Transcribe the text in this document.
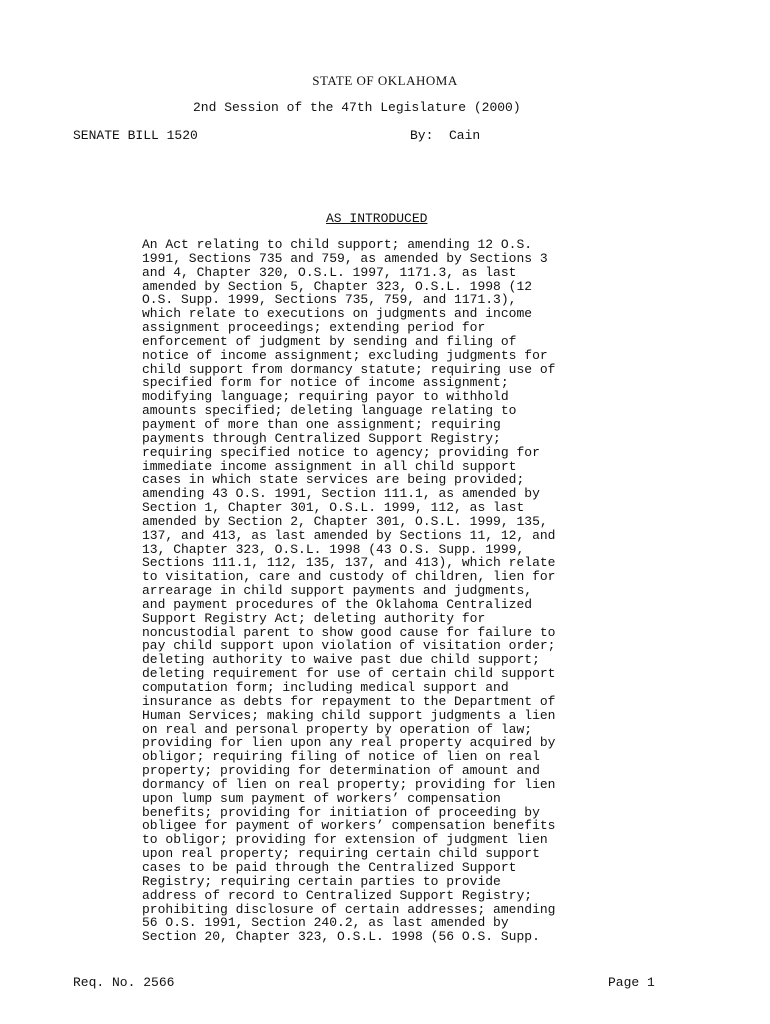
STATE OF OKLAHOMA
2nd Session of the 47th Legislature (2000)
SENATE BILL 1520	By:  Cain
AS INTRODUCED
An Act relating to child support; amending 12 O.S.
1991, Sections 735 and 759, as amended by Sections 3
and 4, Chapter 320, O.S.L. 1997, 1171.3, as last
amended by Section 5, Chapter 323, O.S.L. 1998 (12
O.S. Supp. 1999, Sections 735, 759, and 1171.3),
which relate to executions on judgments and income
assignment proceedings; extending period for
enforcement of judgment by sending and filing of
notice of income assignment; excluding judgments for
child support from dormancy statute; requiring use of
specified form for notice of income assignment;
modifying language; requiring payor to withhold
amounts specified; deleting language relating to
payment of more than one assignment; requiring
payments through Centralized Support Registry;
requiring specified notice to agency; providing for
immediate income assignment in all child support
cases in which state services are being provided;
amending 43 O.S. 1991, Section 111.1, as amended by
Section 1, Chapter 301, O.S.L. 1999, 112, as last
amended by Section 2, Chapter 301, O.S.L. 1999, 135,
137, and 413, as last amended by Sections 11, 12, and
13, Chapter 323, O.S.L. 1998 (43 O.S. Supp. 1999,
Sections 111.1, 112, 135, 137, and 413), which relate
to visitation, care and custody of children, lien for
arrearage in child support payments and judgments,
and payment procedures of the Oklahoma Centralized
Support Registry Act; deleting authority for
noncustodial parent to show good cause for failure to
pay child support upon violation of visitation order;
deleting authority to waive past due child support;
deleting requirement for use of certain child support
computation form; including medical support and
insurance as debts for repayment to the Department of
Human Services; making child support judgments a lien
on real and personal property by operation of law;
providing for lien upon any real property acquired by
obligor; requiring filing of notice of lien on real
property; providing for determination of amount and
dormancy of lien on real property; providing for lien
upon lump sum payment of workers’ compensation
benefits; providing for initiation of proceeding by
obligee for payment of workers’ compensation benefits
to obligor; providing for extension of judgment lien
upon real property; requiring certain child support
cases to be paid through the Centralized Support
Registry; requiring certain parties to provide
address of record to Centralized Support Registry;
prohibiting disclosure of certain addresses; amending
56 O.S. 1991, Section 240.2, as last amended by
Section 20, Chapter 323, O.S.L. 1998 (56 O.S. Supp.
Req. No. 2566	Page 1
